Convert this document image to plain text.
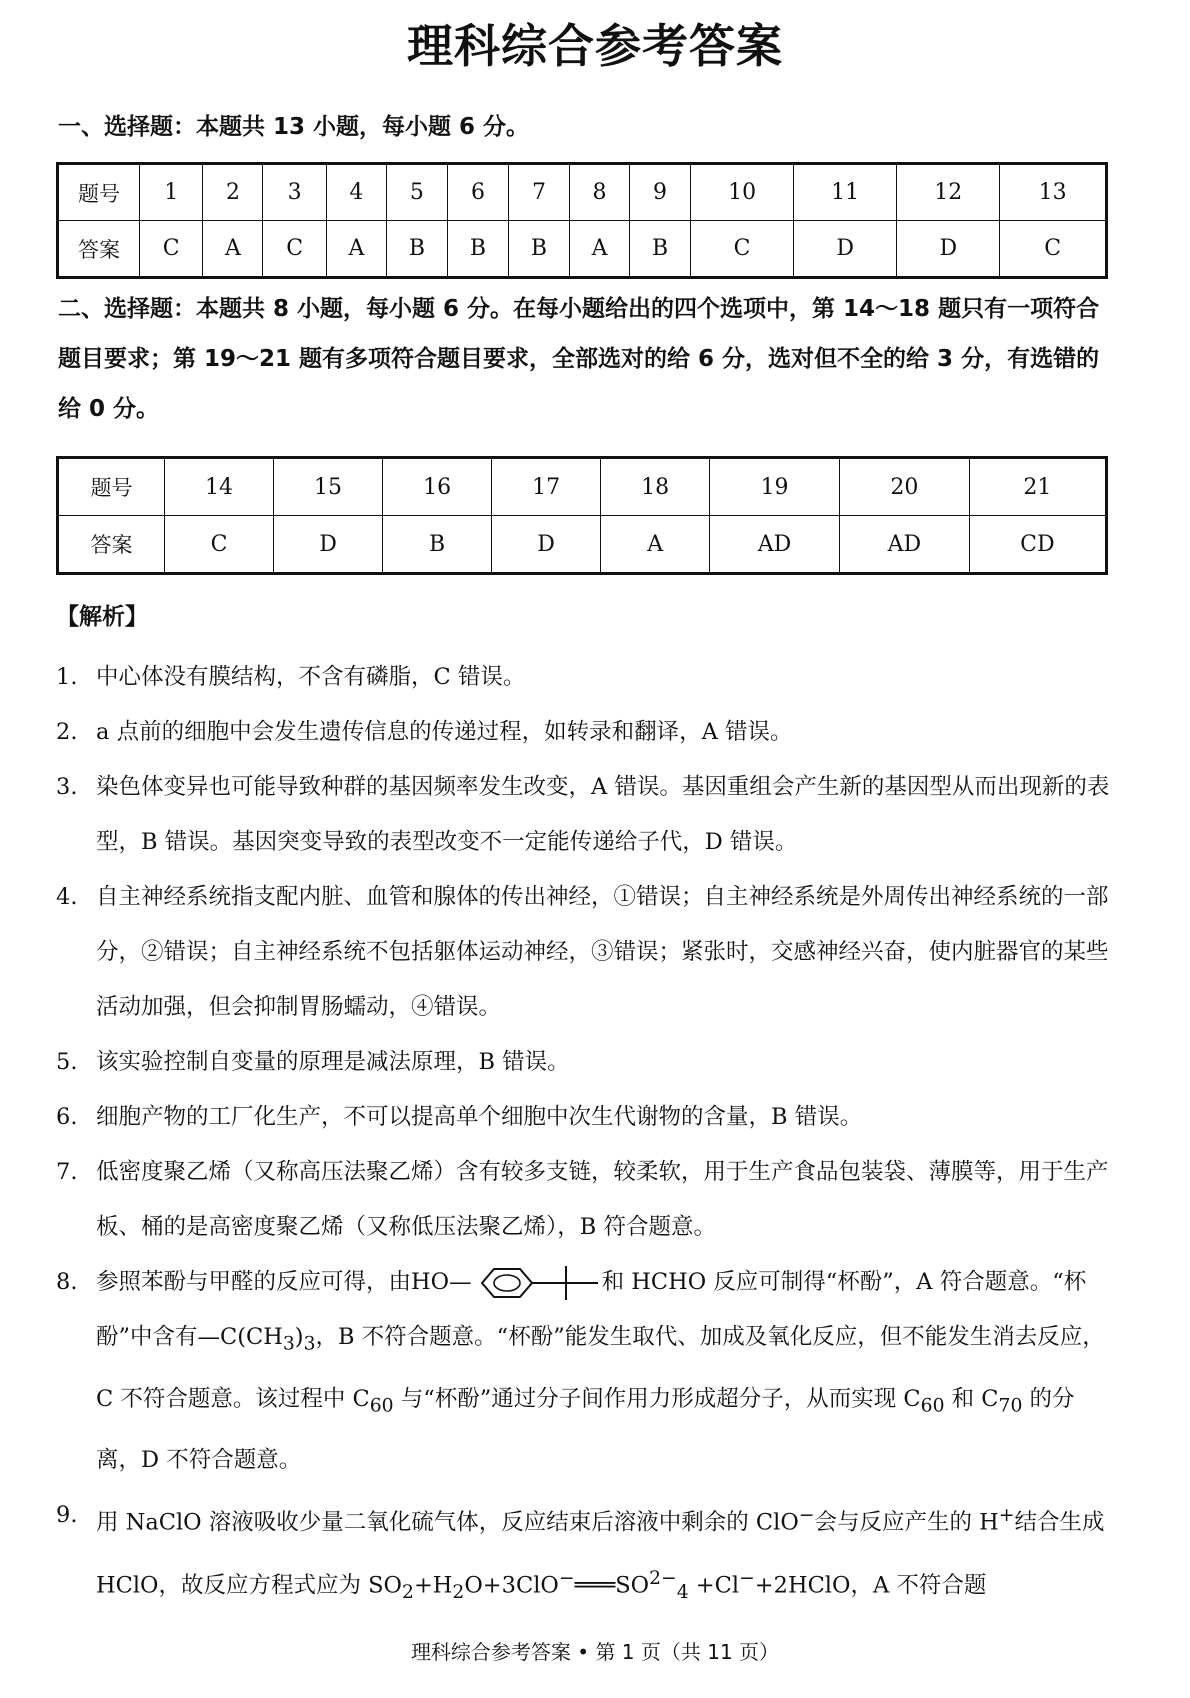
理科综合参考答案
一、选择题：本题共 13 小题，每小题 6 分。
题号	1	2	3	4	5	6	7	8	9	10	11	12	13
答案	C	A	C	A	B	B	B	A	B	C	D	D	C
二、选择题：本题共 8 小题，每小题 6 分。在每小题给出的四个选项中，第 14～18 题只有一项符合题目要求；第 19～21 题有多项符合题目要求，全部选对的给 6 分，选对但不全的给 3 分，有选错的给 0 分。
题号	14	15	16	17	18	19	20	21
答案	C	D	B	D	A	AD	AD	CD
【解析】
1. 中心体没有膜结构，不含有磷脂，C 错误。
2. a 点前的细胞中会发生遗传信息的传递过程，如转录和翻译，A 错误。
3. 染色体变异也可能导致种群的基因频率发生改变，A 错误。基因重组会产生新的基因型从而出现新的表型，B 错误。基因突变导致的表型改变不一定能传递给子代，D 错误。
4. 自主神经系统指支配内脏、血管和腺体的传出神经，①错误；自主神经系统是外周传出神经系统的一部分，②错误；自主神经系统不包括躯体运动神经，③错误；紧张时，交感神经兴奋，使内脏器官的某些活动加强，但会抑制胃肠蠕动，④错误。
5. 该实验控制自变量的原理是减法原理，B 错误。
6. 细胞产物的工厂化生产，不可以提高单个细胞中次生代谢物的含量，B 错误。
7. 低密度聚乙烯（又称高压法聚乙烯）含有较多支链，较柔软，用于生产食品包装袋、薄膜等，用于生产板、桶的是高密度聚乙烯（又称低压法聚乙烯），B 符合题意。
8. 参照苯酚与甲醛的反应可得，由HO—	和 HCHO 反应可制得“杯酚”，A 符合题意。“杯酚”中含有$—C(CH_3)_3$，B 不符合题意。“杯酚”能发生取代、加成及氧化反应，但不能发生消去反应，C 不符合题意。该过程中 $C_{60}$ 与“杯酚”通过分子间作用力形成超分子，从而实现 $C_{60}$ 和 $C_{70}$ 的分离，D 不符合题意。
9. 用 NaClO 溶液吸收少量二氧化硫气体，反应结束后溶液中剩余的 ClO−会与反应产生的 H+结合生成 HClO，故反应方程式应为 $SO_2+H_2O+3ClO^-═══SO^{2-}_4$ +Cl−+2HClO，A 不符合题
理科综合参考答案 • 第 1 页（共 11 页）
